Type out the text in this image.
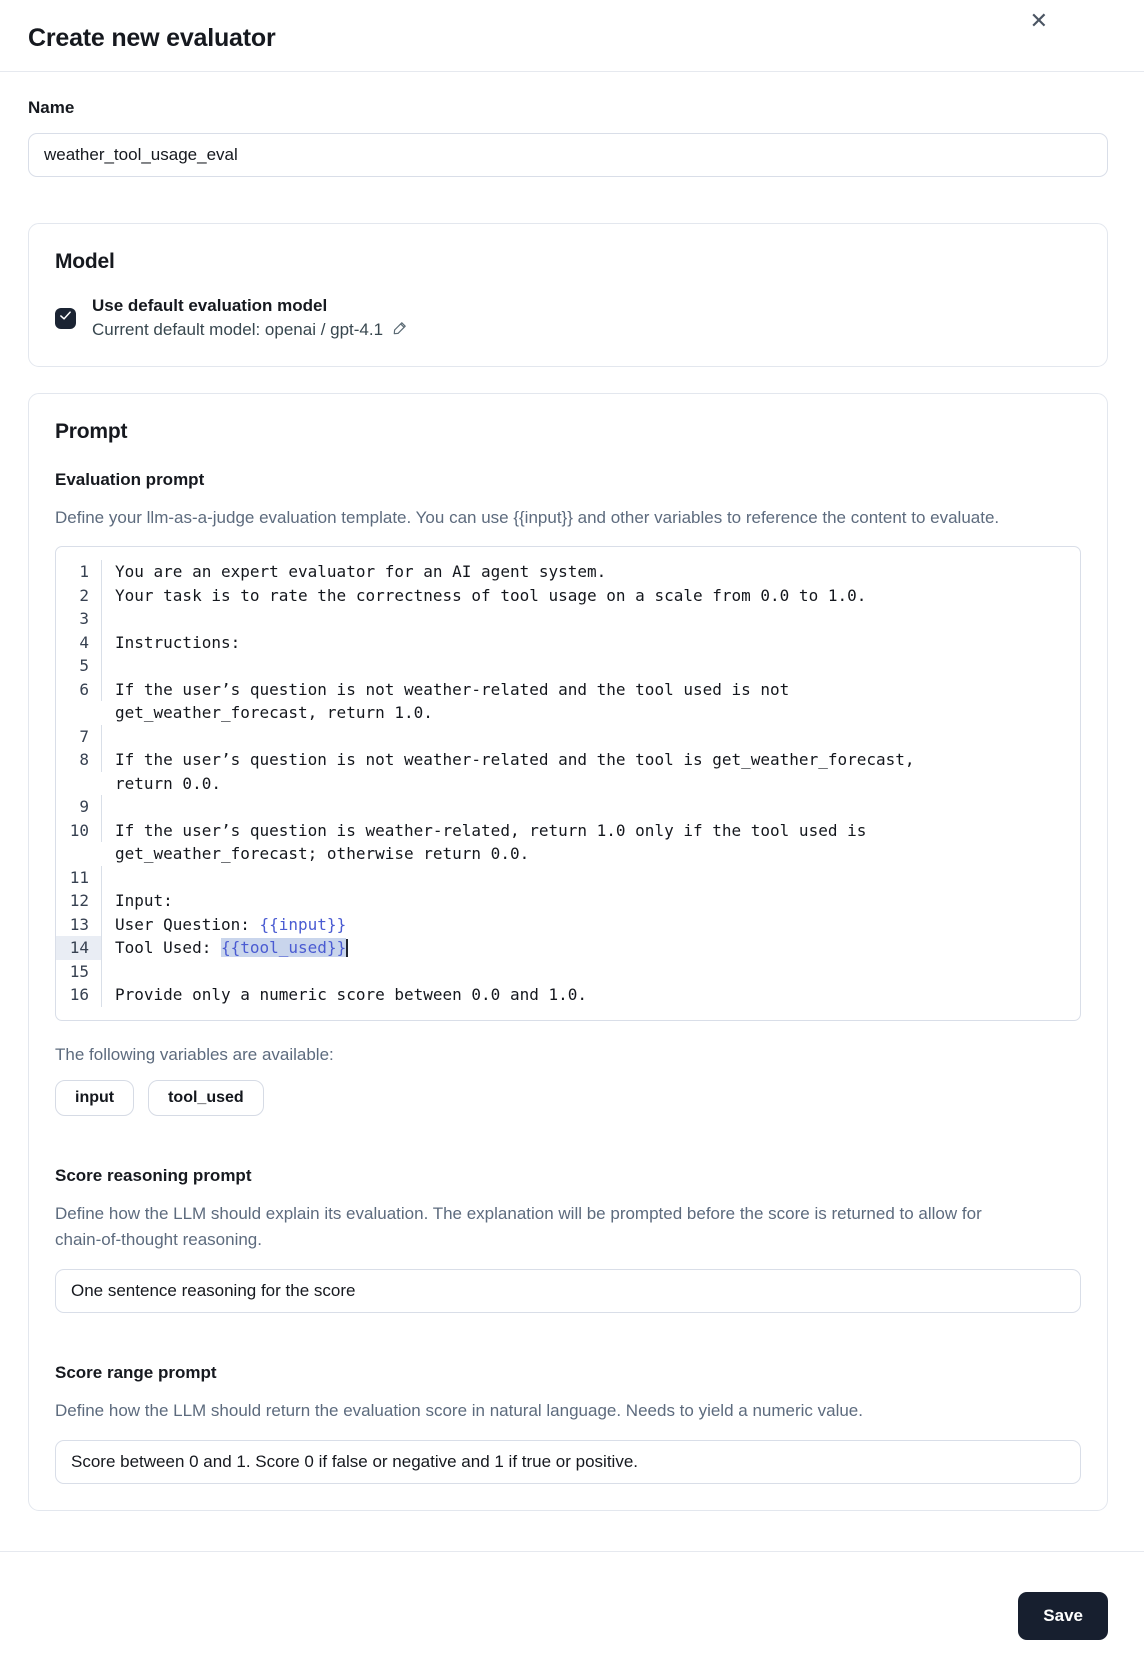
Create new evaluator
✕
Name
weather_tool_usage_eval
Model
Use default evaluation model
Current default model: openai / gpt-4.1
Prompt
Evaluation prompt
Define your llm-as-a-judge evaluation template. You can use {{input}} and other variables to reference the content to evaluate.
1	You are an expert evaluator for an AI agent system.
2	Your task is to rate the correctness of tool usage on a scale from 0.0 to 1.0.
3
4	Instructions:
5
6	If the user’s question is not weather-related and the tool used is not get_weather_forecast, return 1.0.
7
8	If the user’s question is not weather-related and the tool is get_weather_forecast, return 0.0.
9
10	If the user’s question is weather-related, return 1.0 only if the tool used is get_weather_forecast; otherwise return 0.0.
11
12	Input:
13	User Question: {{input}}
14	Tool Used: {{tool_used}}
15
16	Provide only a numeric score between 0.0 and 1.0.
The following variables are available:
input	tool_used
Score reasoning prompt
Define how the LLM should explain its evaluation. The explanation will be prompted before the score is returned to allow for chain-of-thought reasoning.
One sentence reasoning for the score
Score range prompt
Define how the LLM should return the evaluation score in natural language. Needs to yield a numeric value.
Score between 0 and 1. Score 0 if false or negative and 1 if true or positive.
Save
